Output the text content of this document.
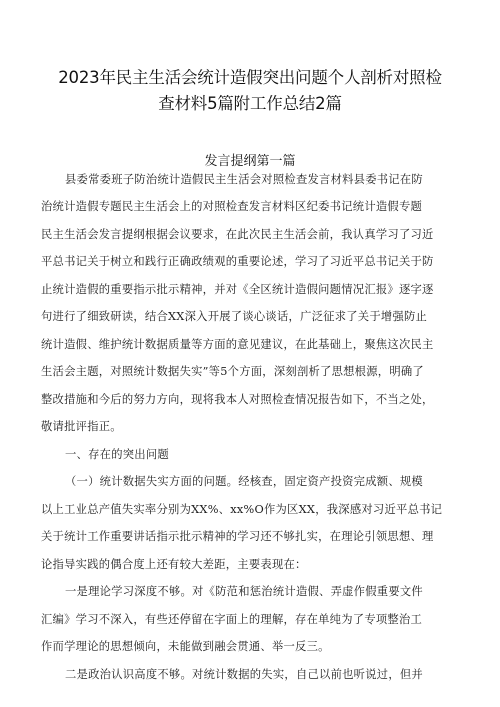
2023年民主生活会统计造假突出问题个人剖析对照检
查材料5篇附工作总结2篇
发言提纲第一篇
县委常委班子防治统计造假民主生活会对照检查发言材料县委书记在防
治统计造假专题民主生活会上的对照检查发言材料区纪委书记统计造假专题
民主生活会发言提纲根据会议要求，在此次民主生活会前，我认真学习了习近
平总书记关于树立和践行正确政绩观的重要论述，学习了习近平总书记关于防
止统计造假的重要指示批示精神，并对《全区统计造假问题情况汇报》逐字逐
句进行了细致研读，结合XX深入开展了谈心谈话，广泛征求了关于增强防止
统计造假、维护统计数据质量等方面的意见建议，在此基础上，聚焦这次民主
生活会主题，对照统计数据失实”等5个方面，深刻剖析了思想根源，明确了
整改措施和今后的努力方向，现将我本人对照检查情况报告如下，不当之处，
敬请批评指正。
一、存在的突出问题
（一）统计数据失实方面的问题。经核查，固定资产投资完成额、规模
以上工业总产值失实率分别为XX%、xx%O作为区XX，我深感对习近平总书记
关于统计工作重要讲话指示批示精神的学习还不够扎实，在理论引领思想、理
论指导实践的偶合度上还有较大差距，主要表现在：
一是理论学习深度不够。对《防范和惩治统计造假、弄虚作假重要文件
汇编》学习不深入，有些还停留在字面上的理解，存在单纯为了专项整治工
作而学理论的思想倾向，未能做到融会贯通、举一反三。
二是政治认识高度不够。对统计数据的失实，自己以前也听说过，但并
